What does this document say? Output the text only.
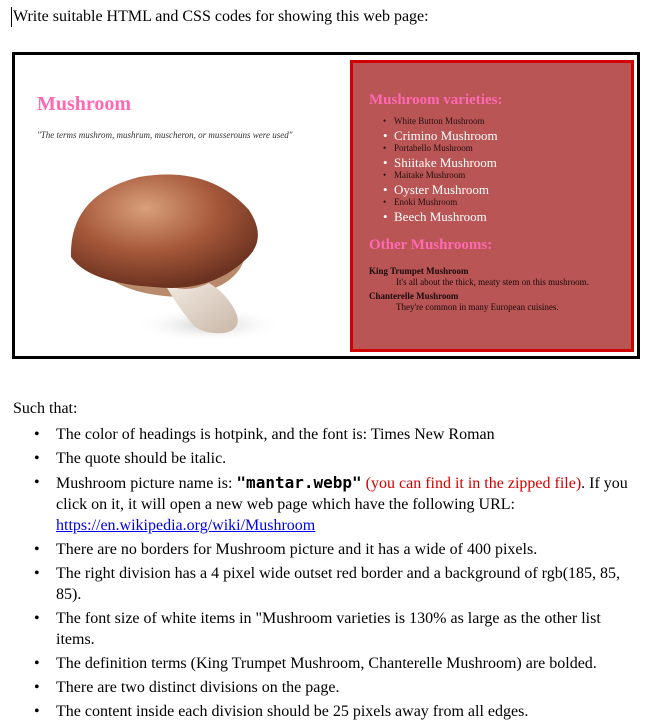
Write suitable HTML and CSS codes for showing this web page:
Mushroom
"The terms mushrom, mushrum, muscheron, or musserouns were used"
Mushroom varieties:
• White Button Mushroom
• Crimino Mushroom
• Portabello Mushroom
• Shiitake Mushroom
• Maitake Mushroom
• Oyster Mushroom
• Enoki Mushroom
• Beech Mushroom
Other Mushrooms:
King Trumpet Mushroom
It's all about the thick, meaty stem on this mushroom.
Chanterelle Mushroom
They're common in many European cuisines.
Such that:
• The color of headings is hotpink, and the font is: Times New Roman
• The quote should be italic.
• Mushroom picture name is: "mantar.webp" (you can find it in the zipped file). If you click on it, it will open a new web page which have the following URL:
https://en.wikipedia.org/wiki/Mushroom
• There are no borders for Mushroom picture and it has a wide of 400 pixels.
• The right division has a 4 pixel wide outset red border and a background of rgb(185, 85, 85).
• The font size of white items in "Mushroom varieties is 130% as large as the other list items.
• The definition terms (King Trumpet Mushroom, Chanterelle Mushroom) are bolded.
• There are two distinct divisions on the page.
• The content inside each division should be 25 pixels away from all edges.
